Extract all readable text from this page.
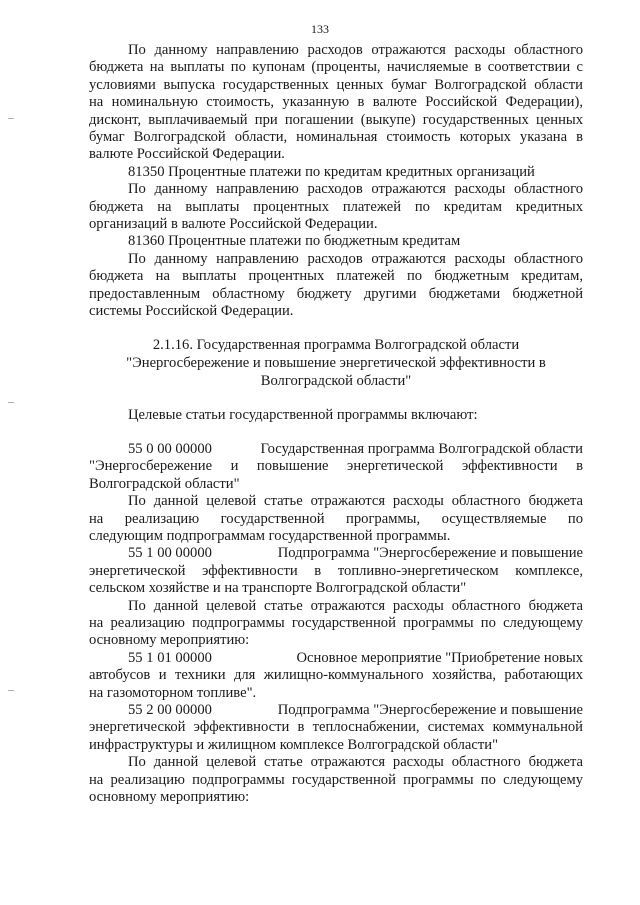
133
По данному направлению расходов отражаются расходы областного
бюджета на выплаты по купонам (проценты, начисляемые в соответствии с
условиями выпуска государственных ценных бумаг Волгоградской области
на номинальную стоимость, указанную в валюте Российской Федерации),
дисконт, выплачиваемый при погашении (выкупе) государственных ценных
бумаг Волгоградской области, номинальная стоимость которых указана в
валюте Российской Федерации.
81350 Процентные платежи по кредитам кредитных организаций
По данному направлению расходов отражаются расходы областного
бюджета на выплаты процентных платежей по кредитам кредитных
организаций в валюте Российской Федерации.
81360 Процентные платежи по бюджетным кредитам
По данному направлению расходов отражаются расходы областного
бюджета на выплаты процентных платежей по бюджетным кредитам,
предоставленным областному бюджету другими бюджетами бюджетной
системы Российской Федерации.
2.1.16. Государственная программа Волгоградской области
"Энергосбережение и повышение энергетической эффективности в
Волгоградской области"
Целевые статьи государственной программы включают:
55 0 00 00000	Государственная программа Волгоградской области
"Энергосбережение и повышение энергетической эффективности в
Волгоградской области"
По данной целевой статье отражаются расходы областного бюджета
на реализацию государственной программы, осуществляемые по
следующим подпрограммам государственной программы.
55 1 00 00000	Подпрограмма "Энергосбережение и повышение
энергетической эффективности в топливно-энергетическом комплексе,
сельском хозяйстве и на транспорте Волгоградской области"
По данной целевой статье отражаются расходы областного бюджета
на реализацию подпрограммы государственной программы по следующему
основному мероприятию:
55 1 01 00000	Основное мероприятие "Приобретение новых
автобусов и техники для жилищно-коммунального хозяйства, работающих
на газомоторном топливе".
55 2 00 00000	Подпрограмма "Энергосбережение и повышение
энергетической эффективности в теплоснабжении, системах коммунальной
инфраструктуры и жилищном комплексе Волгоградской области"
По данной целевой статье отражаются расходы областного бюджета
на реализацию подпрограммы государственной программы по следующему
основному мероприятию:
